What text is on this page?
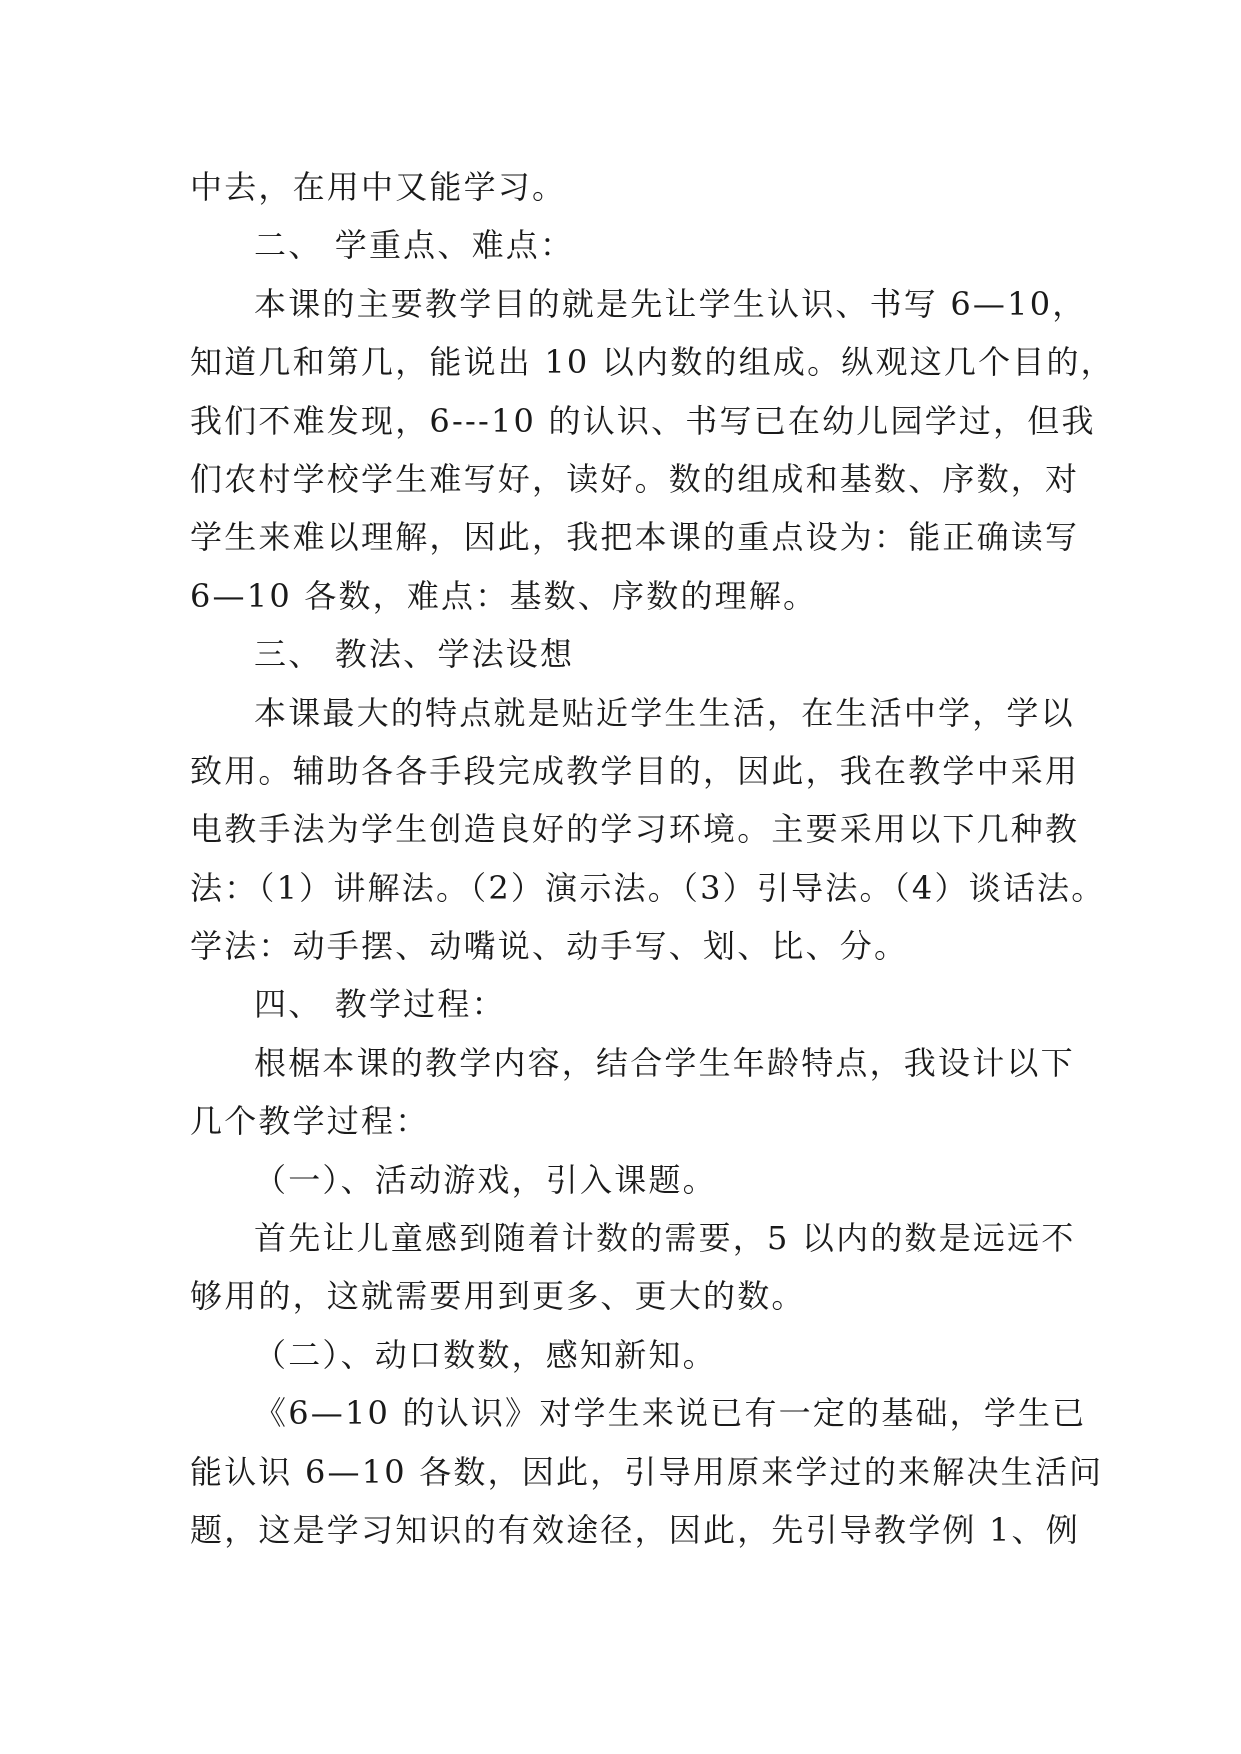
中去，在用中又能学习。
二、 学重点、难点：
本课的主要教学目的就是先让学生认识、书写 6—10，
知道几和第几，能说出 10 以内数的组成。纵观这几个目的，
我们不难发现，6---10 的认识、书写已在幼儿园学过，但我
们农村学校学生难写好，读好。数的组成和基数、序数，对
学生来难以理解，因此，我把本课的重点设为：能正确读写
6—10 各数，难点：基数、序数的理解。
三、 教法、学法设想
本课最大的特点就是贴近学生生活，在生活中学，学以
致用。辅助各各手段完成教学目的，因此，我在教学中采用
电教手法为学生创造良好的学习环境。主要采用以下几种教
法：（1）讲解法。（2）演示法。（3）引导法。（4）谈话法。
学法：动手摆、动嘴说、动手写、划、比、分。
四、 教学过程：
根椐本课的教学内容，结合学生年龄特点，我设计以下
几个教学过程：
（一）、活动游戏，引入课题。
首先让儿童感到随着计数的需要，5 以内的数是远远不
够用的，这就需要用到更多、更大的数。
（二）、动口数数，感知新知。
《6—10 的认识》对学生来说已有一定的基础，学生已
能认识 6—10 各数，因此，引导用原来学过的来解决生活问
题，这是学习知识的有效途径，因此，先引导教学例 1、例
